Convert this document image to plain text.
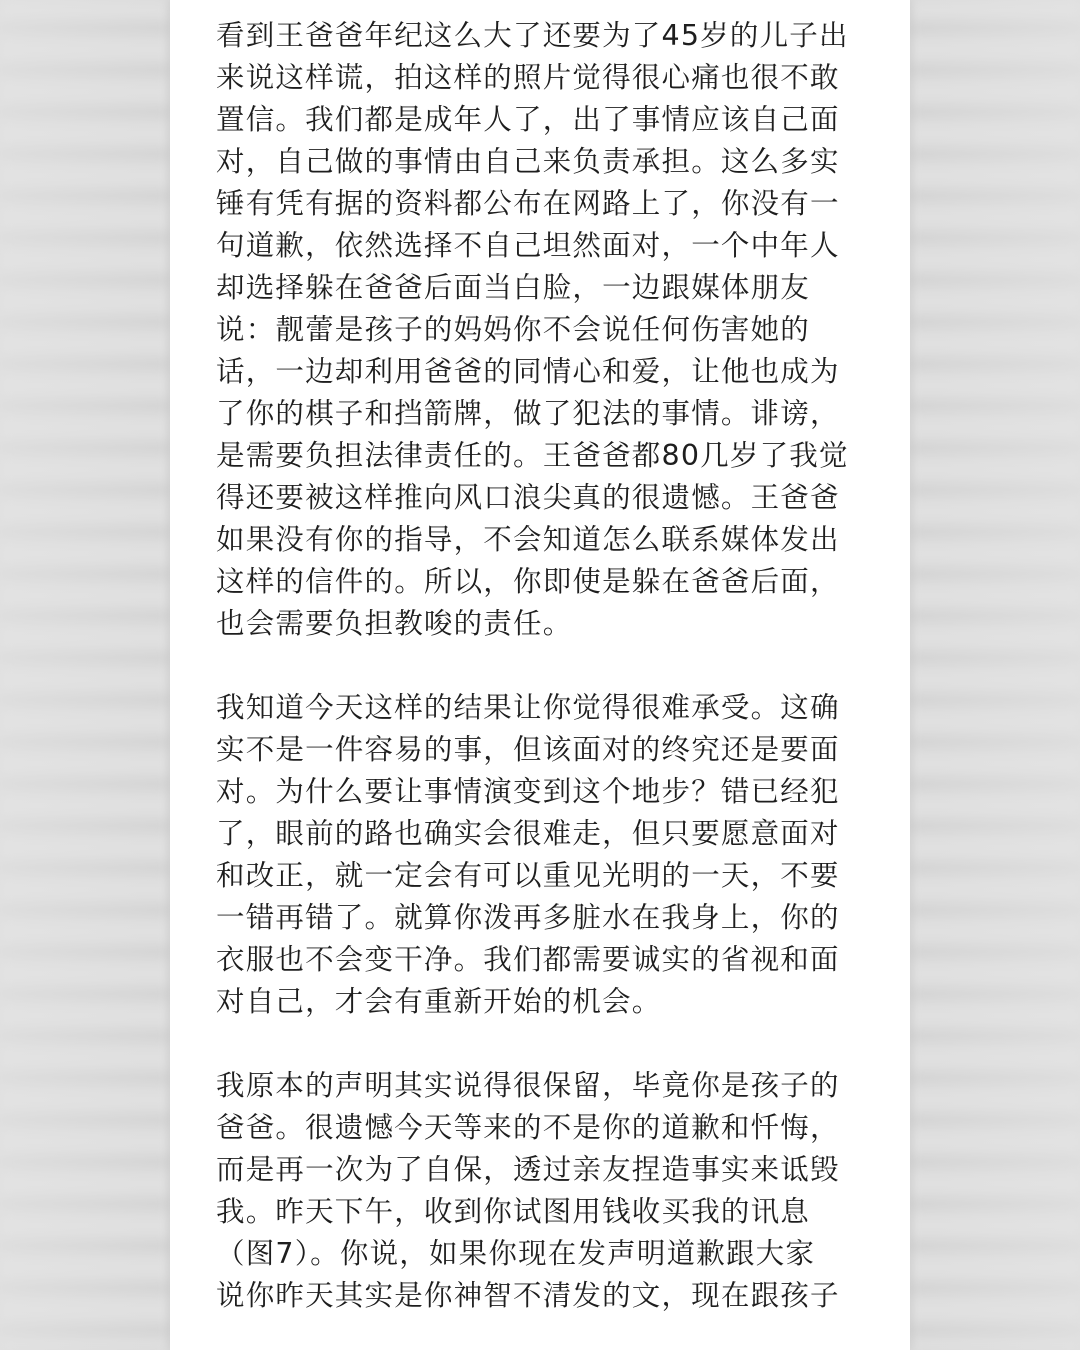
看到王爸爸年纪这么大了还要为了45岁的儿子出
来说这样谎，拍这样的照片觉得很心痛也很不敢
置信。我们都是成年人了，出了事情应该自己面
对，自己做的事情由自己来负责承担。这么多实
锤有凭有据的资料都公布在网路上了，你没有一
句道歉，依然选择不自己坦然面对，一个中年人
却选择躲在爸爸后面当白脸，一边跟媒体朋友
说：靓蕾是孩子的妈妈你不会说任何伤害她的
话，一边却利用爸爸的同情心和爱，让他也成为
了你的棋子和挡箭牌，做了犯法的事情。诽谤，
是需要负担法律责任的。王爸爸都80几岁了我觉
得还要被这样推向风口浪尖真的很遗憾。王爸爸
如果没有你的指导，不会知道怎么联系媒体发出
这样的信件的。所以，你即使是躲在爸爸后面，
也会需要负担教唆的责任。

我知道今天这样的结果让你觉得很难承受。这确
实不是一件容易的事，但该面对的终究还是要面
对。为什么要让事情演变到这个地步？错已经犯
了，眼前的路也确实会很难走，但只要愿意面对
和改正，就一定会有可以重见光明的一天，不要
一错再错了。就算你泼再多脏水在我身上，你的
衣服也不会变干净。我们都需要诚实的省视和面
对自己，才会有重新开始的机会。

我原本的声明其实说得很保留，毕竟你是孩子的
爸爸。很遗憾今天等来的不是你的道歉和忏悔，
而是再一次为了自保，透过亲友捏造事实来诋毁
我。昨天下午，收到你试图用钱收买我的讯息
（图7）。你说，如果你现在发声明道歉跟大家
说你昨天其实是你神智不清发的文，现在跟孩子
